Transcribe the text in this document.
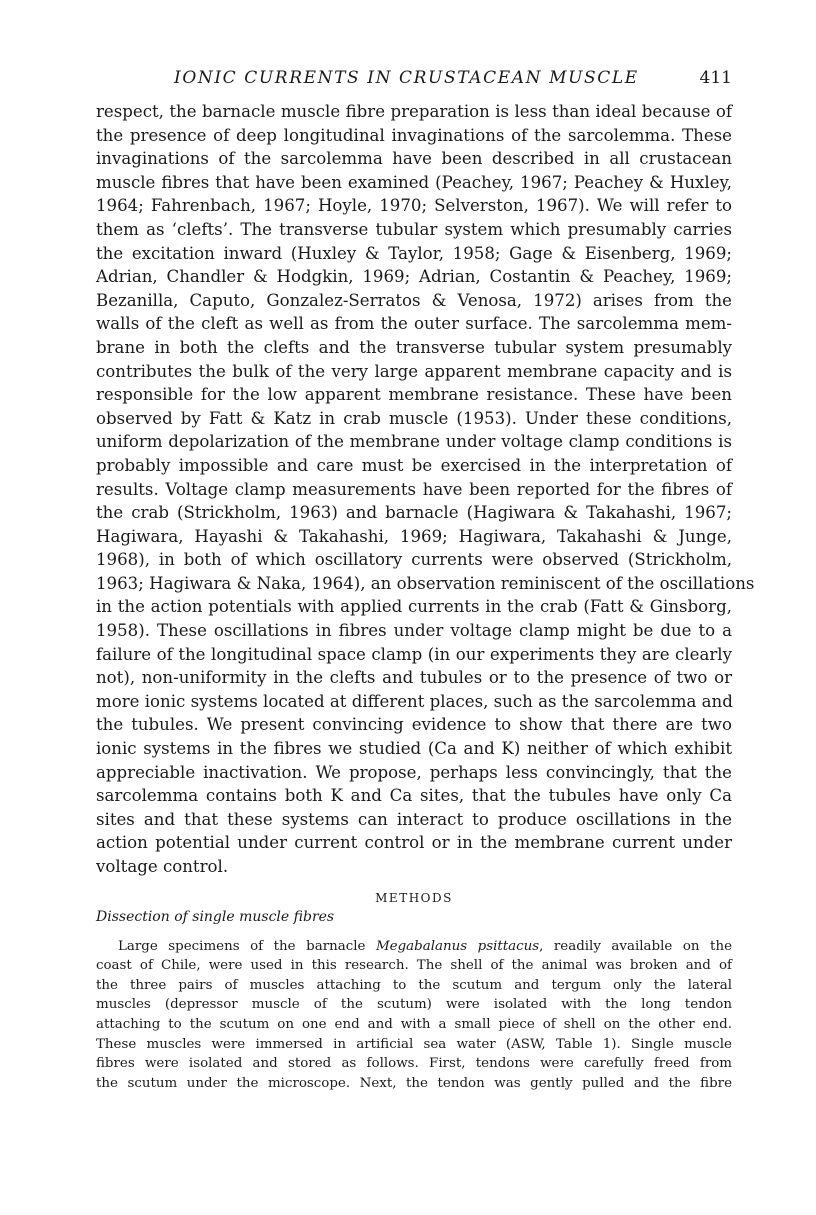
IONIC CURRENTS IN CRUSTACEAN MUSCLE	411
respect, the barnacle muscle fibre preparation is less than ideal because of
the presence of deep longitudinal invaginations of the sarcolemma. These
invaginations of the sarcolemma have been described in all crustacean
muscle fibres that have been examined (Peachey, 1967; Peachey & Huxley,
1964; Fahrenbach, 1967; Hoyle, 1970; Selverston, 1967). We will refer to
them as ‘clefts’. The transverse tubular system which presumably carries
the excitation inward (Huxley & Taylor, 1958; Gage & Eisenberg, 1969;
Adrian, Chandler & Hodgkin, 1969; Adrian, Costantin & Peachey, 1969;
Bezanilla, Caputo, Gonzalez-Serratos & Venosa, 1972) arises from the
walls of the cleft as well as from the outer surface. The sarcolemma mem-
brane in both the clefts and the transverse tubular system presumably
contributes the bulk of the very large apparent membrane capacity and is
responsible for the low apparent membrane resistance. These have been
observed by Fatt & Katz in crab muscle (1953). Under these conditions,
uniform depolarization of the membrane under voltage clamp conditions is
probably impossible and care must be exercised in the interpretation of
results. Voltage clamp measurements have been reported for the fibres of
the crab (Strickholm, 1963) and barnacle (Hagiwara & Takahashi, 1967;
Hagiwara, Hayashi & Takahashi, 1969; Hagiwara, Takahashi & Junge,
1968), in both of which oscillatory currents were observed (Strickholm,
1963; Hagiwara & Naka, 1964), an observation reminiscent of the oscillations
in the action potentials with applied currents in the crab (Fatt & Ginsborg,
1958). These oscillations in fibres under voltage clamp might be due to a
failure of the longitudinal space clamp (in our experiments they are clearly
not), non-uniformity in the clefts and tubules or to the presence of two or
more ionic systems located at different places, such as the sarcolemma and
the tubules. We present convincing evidence to show that there are two
ionic systems in the fibres we studied (Ca and K) neither of which exhibit
appreciable inactivation. We propose, perhaps less convincingly, that the
sarcolemma contains both K and Ca sites, that the tubules have only Ca
sites and that these systems can interact to produce oscillations in the
action potential under current control or in the membrane current under
voltage control.
METHODS
Dissection of single muscle fibres
Large specimens of the barnacle Megabalanus psittacus, readily available on the
coast of Chile, were used in this research. The shell of the animal was broken and of
the three pairs of muscles attaching to the scutum and tergum only the lateral
muscles (depressor muscle of the scutum) were isolated with the long tendon
attaching to the scutum on one end and with a small piece of shell on the other end.
These muscles were immersed in artificial sea water (ASW, Table 1). Single muscle
fibres were isolated and stored as follows. First, tendons were carefully freed from
the scutum under the microscope. Next, the tendon was gently pulled and the fibre
